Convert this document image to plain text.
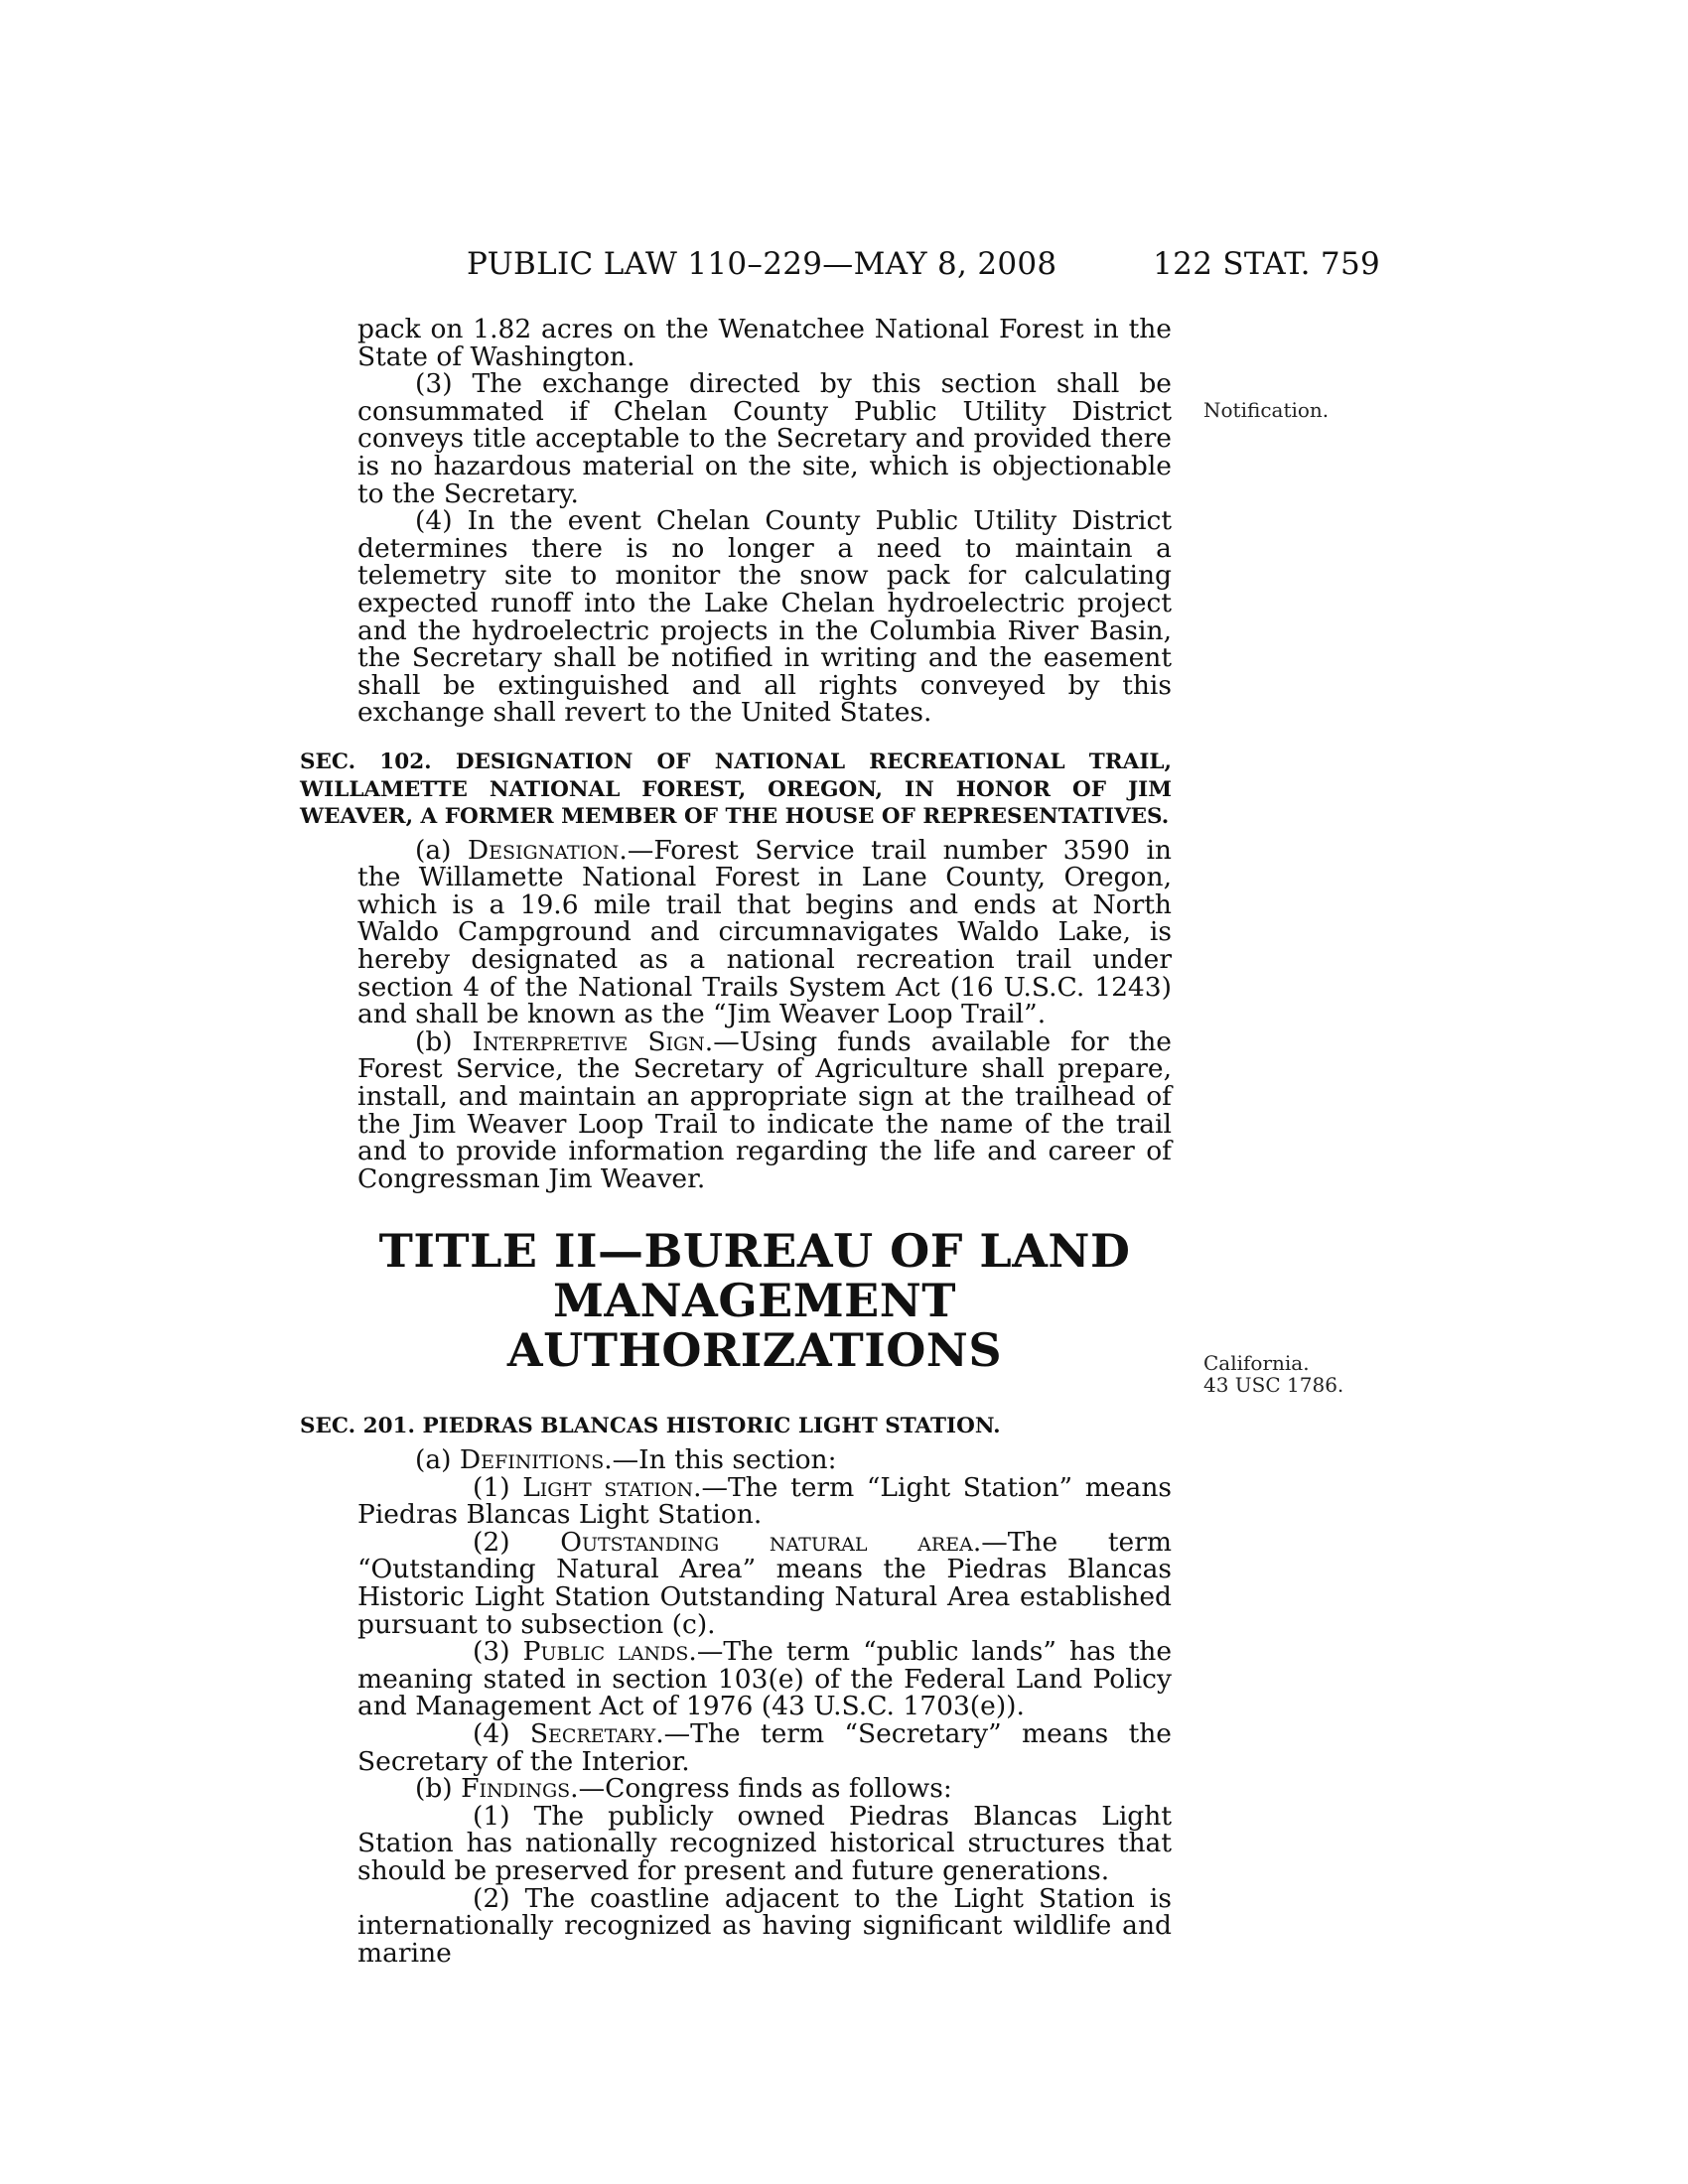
PUBLIC LAW 110–229—MAY 8, 2008	122 STAT. 759
Notification.
California.
43 USC 1786.

pack on 1.82 acres on the Wenatchee National Forest in the State of Washington.

(3) The exchange directed by this section shall be consummated if Chelan County Public Utility District conveys title acceptable to the Secretary and provided there is no hazardous material on the site, which is objectionable to the Secretary.

(4) In the event Chelan County Public Utility District determines there is no longer a need to maintain a telemetry site to monitor the snow pack for calculating expected runoff into the Lake Chelan hydroelectric project and the hydroelectric projects in the Columbia River Basin, the Secretary shall be notified in writing and the easement shall be extinguished and all rights conveyed by this exchange shall revert to the United States.

SEC. 102. DESIGNATION OF NATIONAL RECREATIONAL TRAIL, WILLAMETTE NATIONAL FOREST, OREGON, IN HONOR OF JIM WEAVER, A FORMER MEMBER OF THE HOUSE OF REPRESENTATIVES.

(a) Designation.—Forest Service trail number 3590 in the Willamette National Forest in Lane County, Oregon, which is a 19.6 mile trail that begins and ends at North Waldo Campground and circumnavigates Waldo Lake, is hereby designated as a national recreation trail under section 4 of the National Trails System Act (16 U.S.C. 1243) and shall be known as the “Jim Weaver Loop Trail”.

(b) Interpretive Sign.—Using funds available for the Forest Service, the Secretary of Agriculture shall prepare, install, and maintain an appropriate sign at the trailhead of the Jim Weaver Loop Trail to indicate the name of the trail and to provide information regarding the life and career of Congressman Jim Weaver.

TITLE II—BUREAU OF LAND
MANAGEMENT AUTHORIZATIONS
SEC. 201. PIEDRAS BLANCAS HISTORIC LIGHT STATION.

(a) Definitions.—In this section:

(1) Light station.—The term “Light Station” means Piedras Blancas Light Station.

(2) Outstanding natural area.—The term “Outstanding Natural Area” means the Piedras Blancas Historic Light Station Outstanding Natural Area established pursuant to subsection (c).

(3) Public lands.—The term “public lands” has the meaning stated in section 103(e) of the Federal Land Policy and Management Act of 1976 (43 U.S.C. 1703(e)).

(4) Secretary.—The term “Secretary” means the Secretary of the Interior.

(b) Findings.—Congress finds as follows:

(1) The publicly owned Piedras Blancas Light Station has nationally recognized historical structures that should be preserved for present and future generations.

(2) The coastline adjacent to the Light Station is internationally recognized as having significant wildlife and marine
